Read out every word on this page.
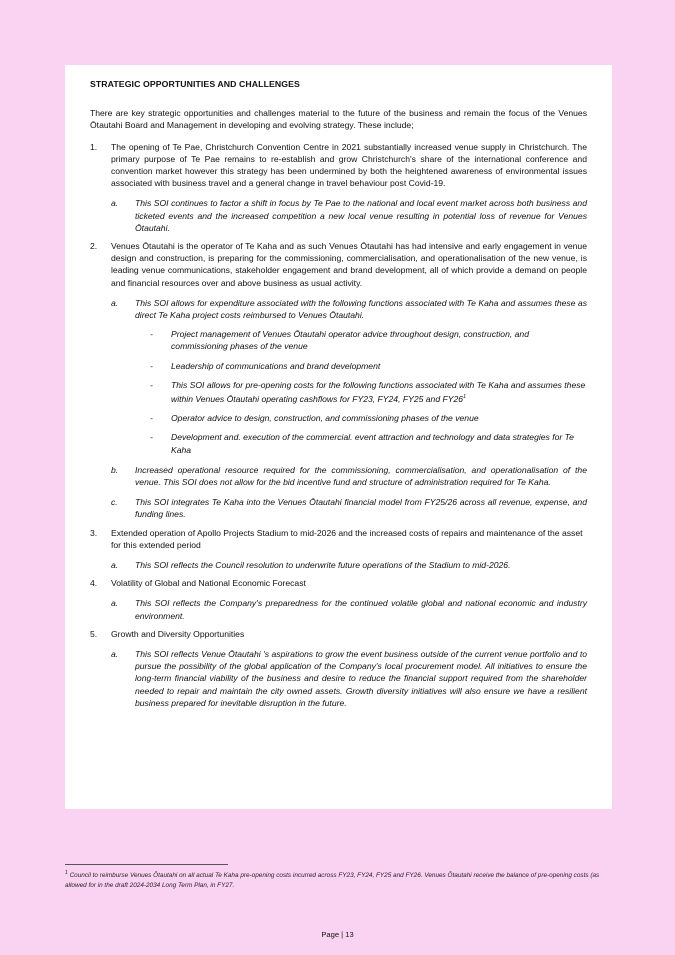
STRATEGIC OPPORTUNITIES AND CHALLENGES
There are key strategic opportunities and challenges material to the future of the business and remain the focus of the Venues Ōtautahi Board and Management in developing and evolving strategy. These include;
1. The opening of Te Pae, Christchurch Convention Centre in 2021 substantially increased venue supply in Christchurch. The primary purpose of Te Pae remains to re-establish and grow Christchurch's share of the international conference and convention market however this strategy has been undermined by both the heightened awareness of environmental issues associated with business travel and a general change in travel behaviour post Covid-19.
a. This SOI continues to factor a shift in focus by Te Pae to the national and local event market across both business and ticketed events and the increased competition a new local venue resulting in potential loss of revenue for Venues Ōtautahi.
2. Venues Ōtautahi is the operator of Te Kaha and as such Venues Ōtautahi has had intensive and early engagement in venue design and construction, is preparing for the commissioning, commercialisation, and operationalisation of the new venue, is leading venue communications, stakeholder engagement and brand development, all of which provide a demand on people and financial resources over and above business as usual activity.
a. This SOI allows for expenditure associated with the following functions associated with Te Kaha and assumes these as direct Te Kaha project costs reimbursed to Venues Ōtautahi.
- Project management of Venues Ōtautahi operator advice throughout design, construction, and commissioning phases of the venue
- Leadership of communications and brand development
- This SOI allows for pre-opening costs for the following functions associated with Te Kaha and assumes these within Venues Ōtautahi operating cashflows for FY23, FY24, FY25 and $FY26^1$
- Operator advice to design, construction, and commissioning phases of the venue
- Development and. execution of the commercial. event attraction and technology and data strategies for Te Kaha
b. Increased operational resource required for the commissioning, commercialisation, and operationalisation of the venue. This SOI does not allow for the bid incentive fund and structure of administration required for Te Kaha.
c. This SOI integrates Te Kaha into the Venues Ōtautahi financial model from FY25/26 across all revenue, expense, and funding lines.
3. Extended operation of Apollo Projects Stadium to mid-2026 and the increased costs of repairs and maintenance of the asset for this extended period
a. This SOI reflects the Council resolution to underwrite future operations of the Stadium to mid-2026.
4. Volatility of Global and National Economic Forecast
a. This SOI reflects the Company's preparedness for the continued volatile global and national economic and industry environment.
5. Growth and Diversity Opportunities
a. This SOI reflects Venue Ōtautahi 's aspirations to grow the event business outside of the current venue portfolio and to pursue the possibility of the global application of the Company's local procurement model. All initiatives to ensure the long-term financial viability of the business and desire to reduce the financial support required from the shareholder needed to repair and maintain the city owned assets. Growth diversity initiatives will also ensure we have a resilient business prepared for inevitable disruption in the future.
$^1$ Council to reimburse Venues Ōtautahi on all actual Te Kaha pre-opening costs incurred across FY23, FY24, FY25 and FY26. Venues Ōtautahi receive the balance of pre-opening costs (as allowed for in the draft 2024-2034 Long Term Plan, in FY27.
Page | 13
